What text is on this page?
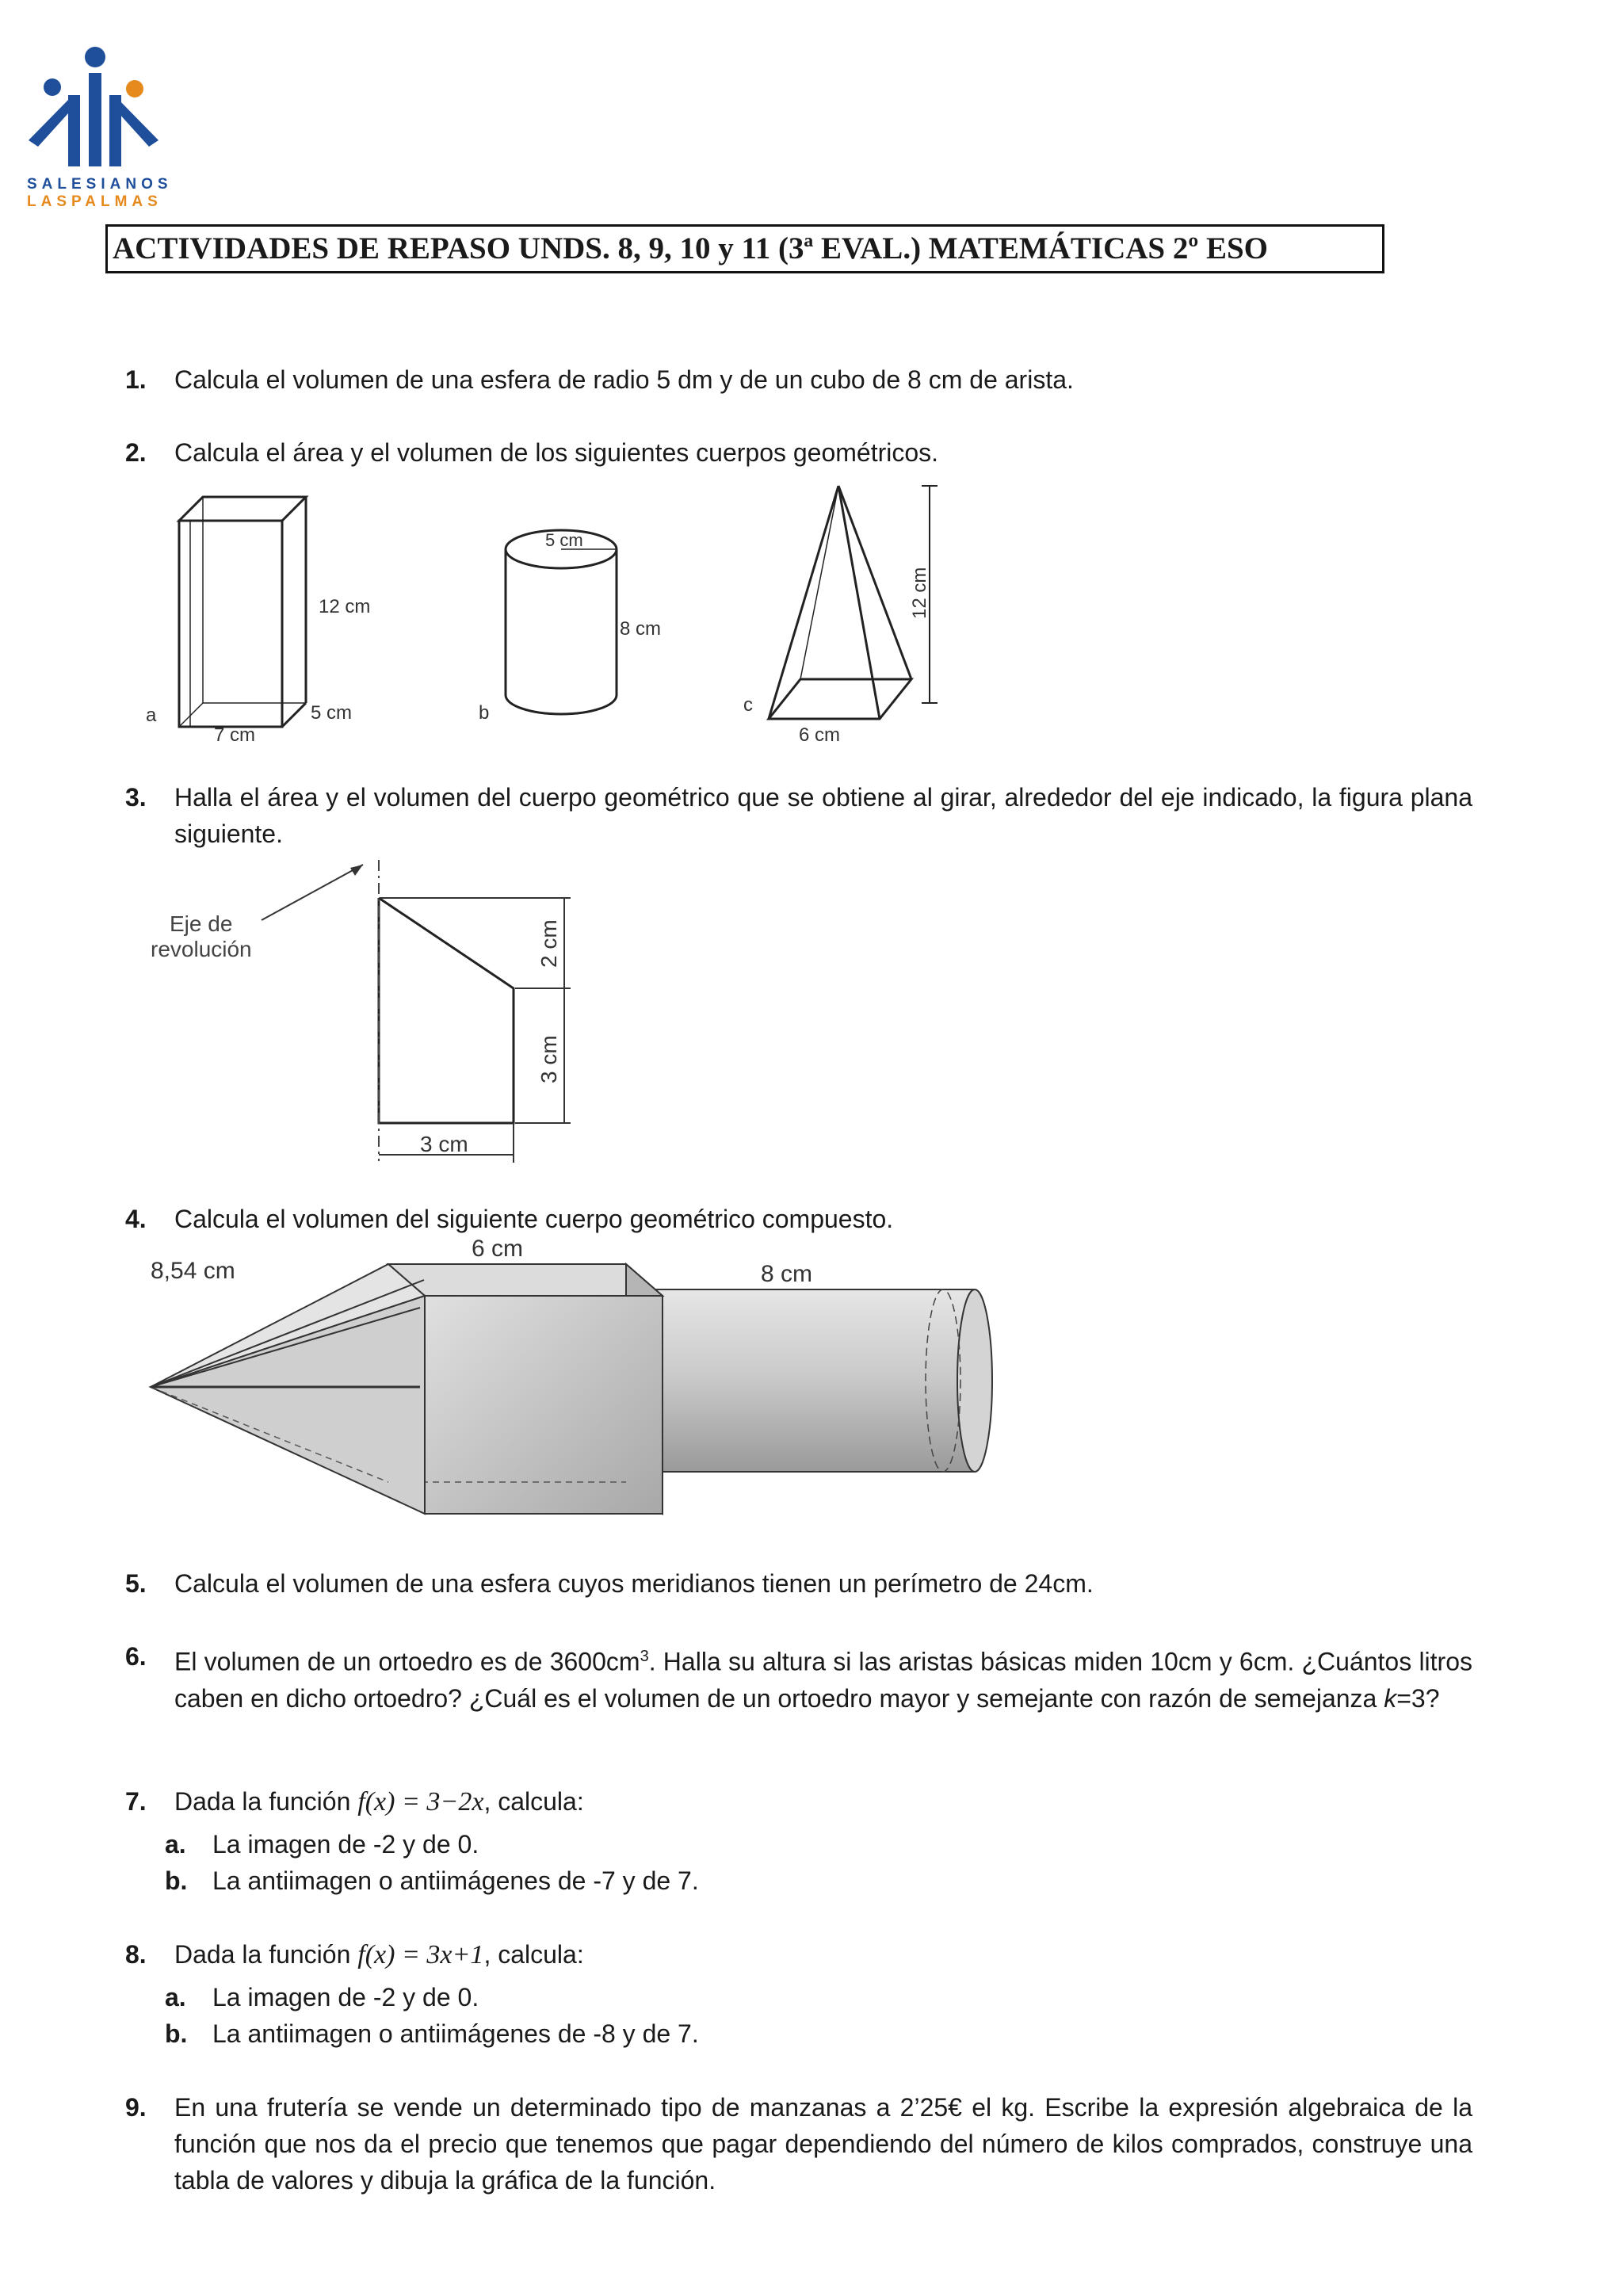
SALESIANOS
LASPALMAS
ACTIVIDADES DE REPASO UNDS. 8, 9, 10 y 11 (3ª EVAL.) MATEMÁTICAS 2º ESO
1. Calcula el volumen de una esfera de radio 5 dm y de un cubo de 8 cm de arista.
2. Calcula el área y el volumen de los siguientes cuerpos geométricos.
a
12 cm
5 cm
7 cm
5 cm
8 cm
b
12 cm
6 cm
c
3. Halla el área y el volumen del cuerpo geométrico que se obtiene al girar, alrededor del eje indicado, la figura plana siguiente.
Eje de
revolución	2 cm
3 cm
3 cm
4. Calcula el volumen del siguiente cuerpo geométrico compuesto.
8,54 cm
6 cm
8 cm
5. Calcula el volumen de una esfera cuyos meridianos tienen un perímetro de 24cm.
6. El volumen de un ortoedro es de $3600cm^3$. Halla su altura si las aristas básicas miden 10cm y 6cm. ¿Cuántos litros caben en dicho ortoedro? ¿Cuál es el volumen de un ortoedro mayor y semejante con razón de semejanza k=3?
7. Dada la función f(x) = 3−2x, calcula:
a. La imagen de -2 y de 0.
b. La antiimagen o antiimágenes de -7 y de 7.
8. Dada la función f(x) = 3x+1, calcula:
a. La imagen de -2 y de 0.
b. La antiimagen o antiimágenes de -8 y de 7.
9. En una frutería se vende un determinado tipo de manzanas a 2’25€ el kg. Escribe la expresión algebraica de la función que nos da el precio que tenemos que pagar dependiendo del número de kilos comprados, construye una tabla de valores y dibuja la gráfica de la función.
